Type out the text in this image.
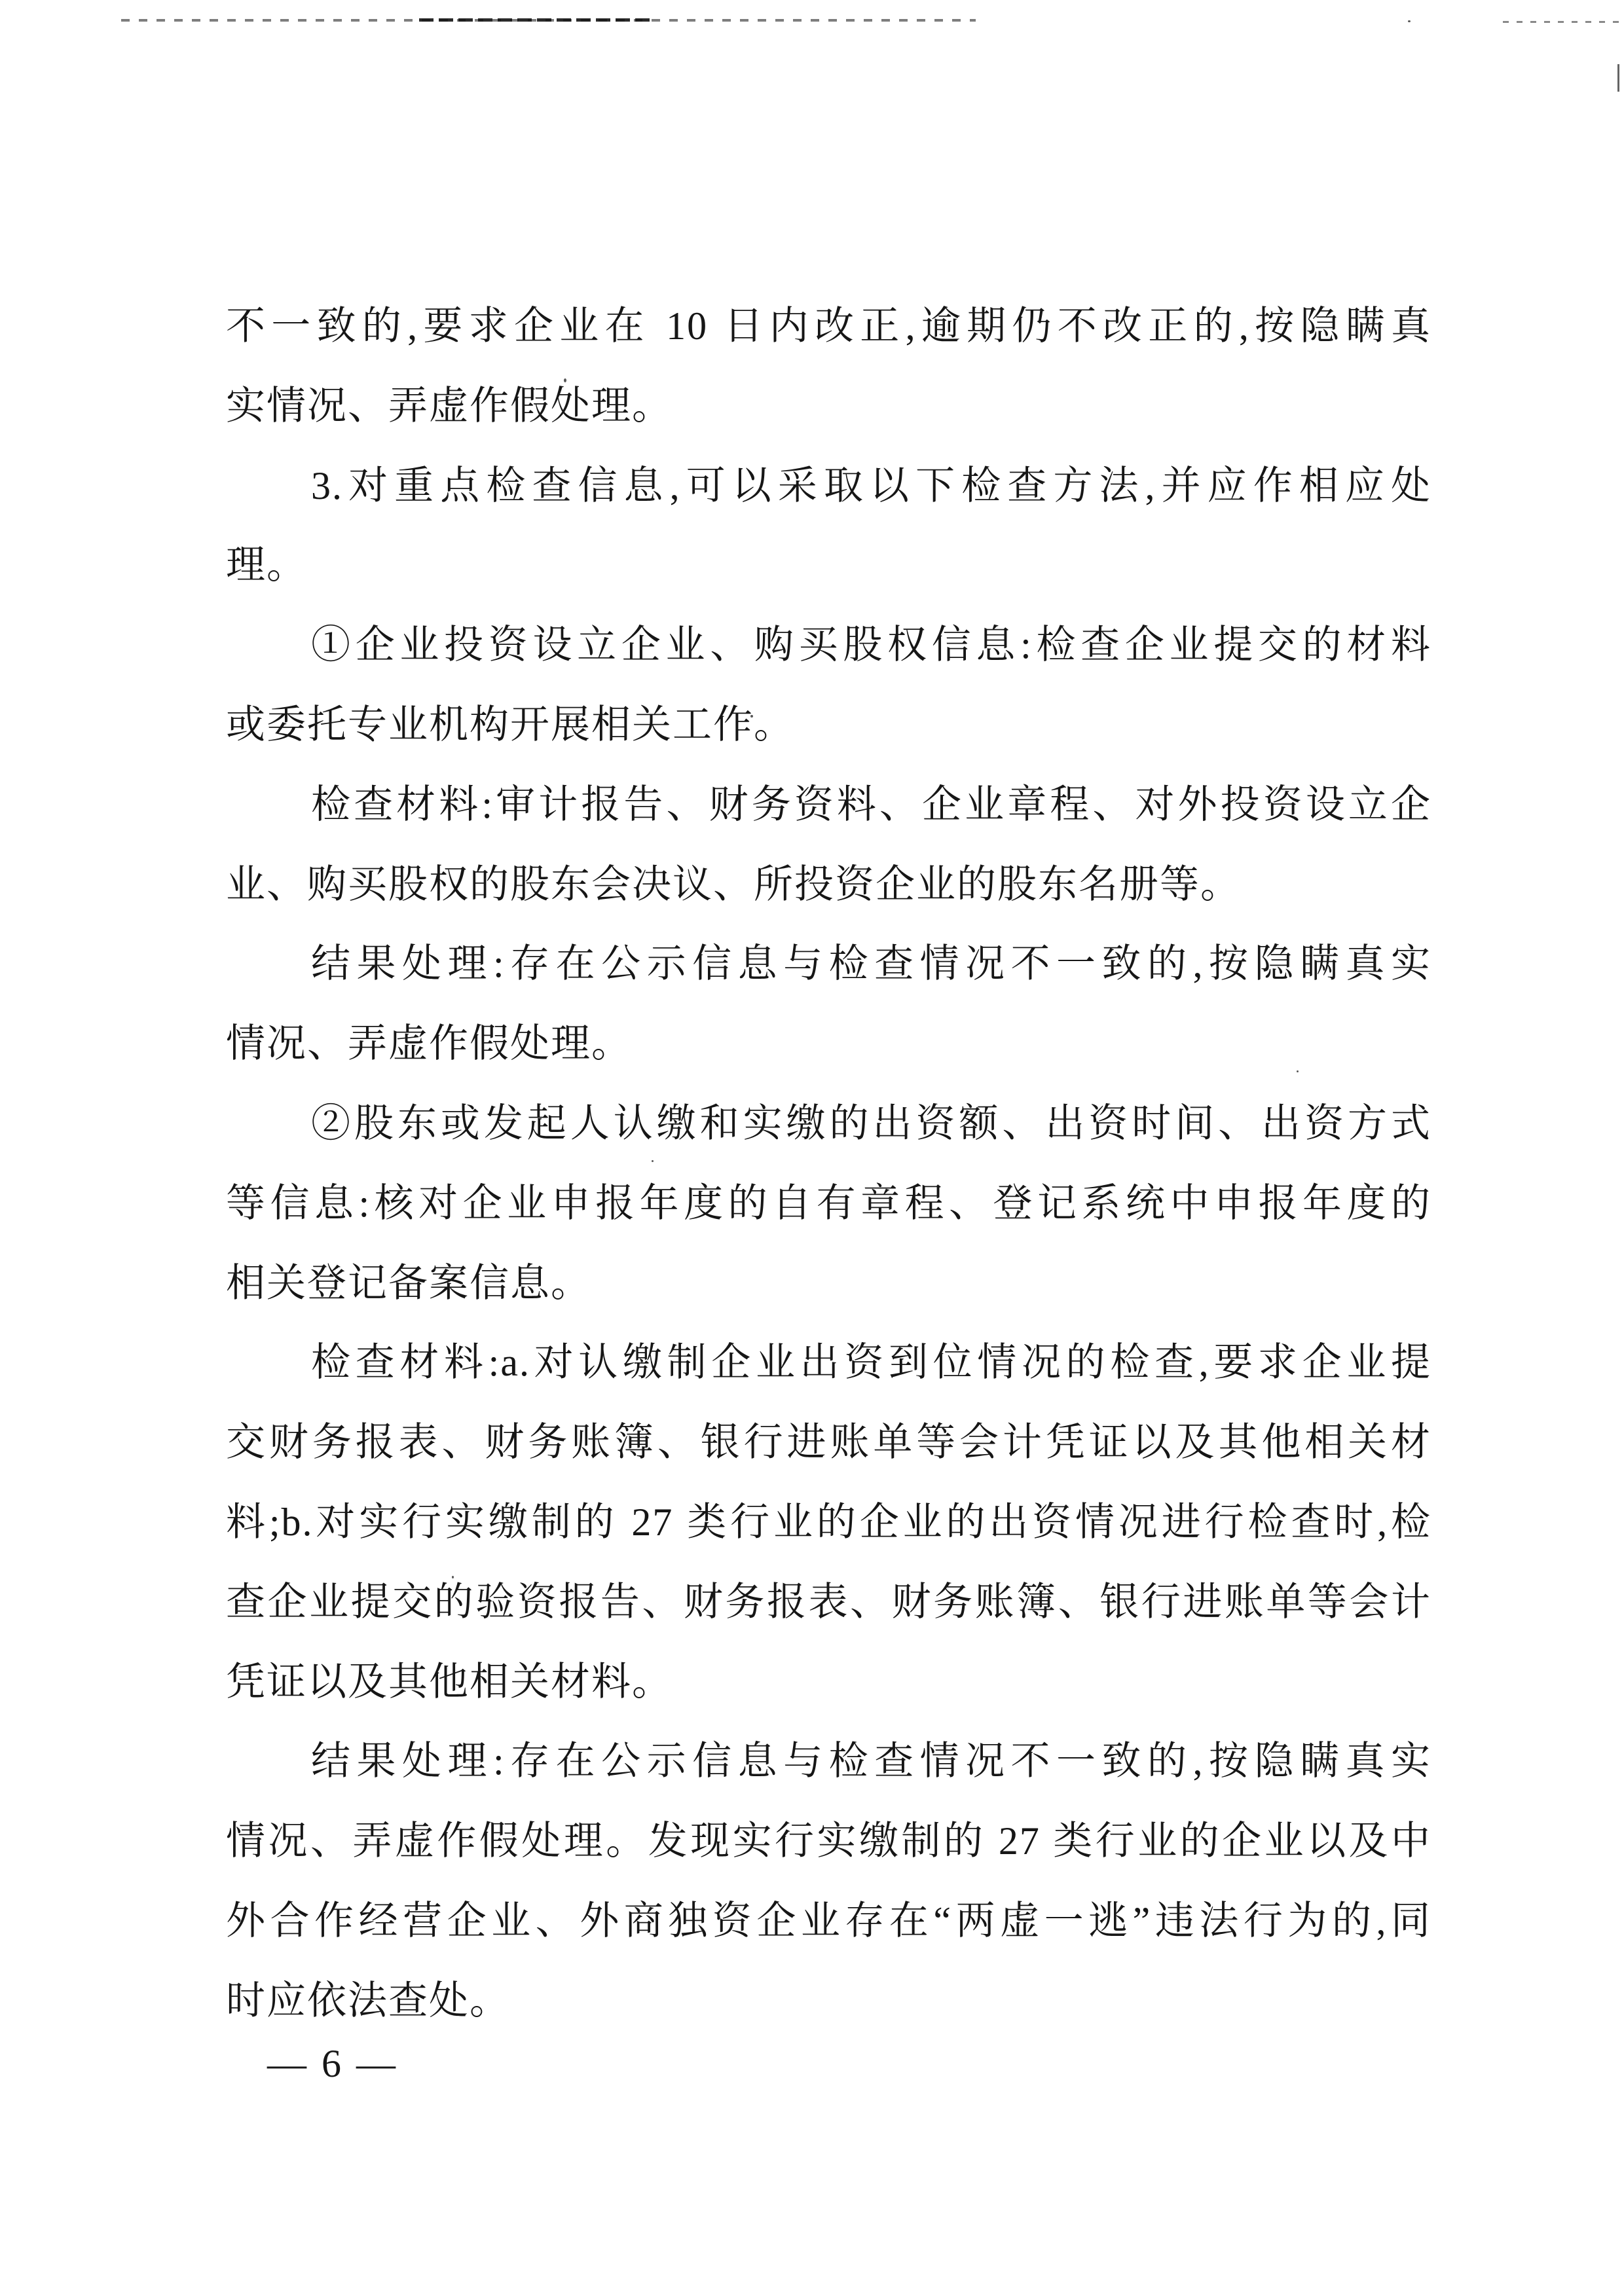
不一致的,要求企业在 10 日内改正,逾期仍不改正的,按隐瞒真
实情况、弄虚作假处理。
3.对重点检查信息,可以采取以下检查方法,并应作相应处
理。
①企业投资设立企业、购买股权信息:检查企业提交的材料
或委托专业机构开展相关工作。
检查材料:审计报告、财务资料、企业章程、对外投资设立企
业、购买股权的股东会决议、所投资企业的股东名册等。
结果处理:存在公示信息与检查情况不一致的,按隐瞒真实
情况、弄虚作假处理。
②股东或发起人认缴和实缴的出资额、出资时间、出资方式
等信息:核对企业申报年度的自有章程、登记系统中申报年度的
相关登记备案信息。
检查材料:a.对认缴制企业出资到位情况的检查,要求企业提
交财务报表、财务账簿、银行进账单等会计凭证以及其他相关材
料;b.对实行实缴制的 27 类行业的企业的出资情况进行检查时,检
查企业提交的验资报告、财务报表、财务账簿、银行进账单等会计
凭证以及其他相关材料。
结果处理:存在公示信息与检查情况不一致的,按隐瞒真实
情况、弄虚作假处理。发现实行实缴制的 27 类行业的企业以及中
外合作经营企业、外商独资企业存在“两虚一逃”违法行为的,同
时应依法查处。
— 6 —
